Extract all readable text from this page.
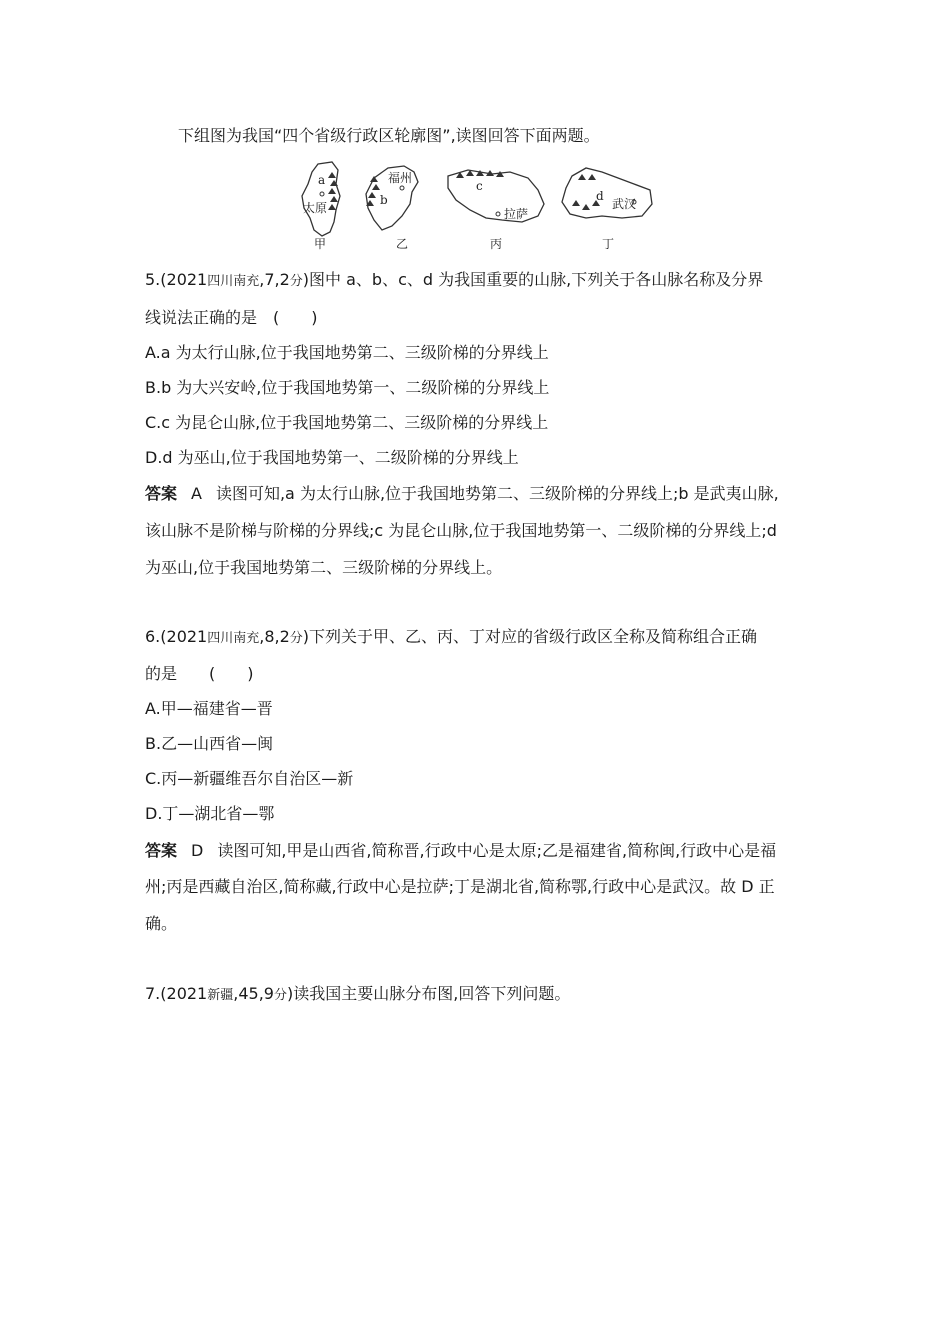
下组图为我国“四个省级行政区轮廓图”,读图回答下面两题。
a
太原
甲
福州
b
乙
c
拉萨
丙
d
武汉
丁
5.(2021四川南充,7,2分)图中 a、b、c、d 为我国重要的山脉,下列关于各山脉名称及分界
线说法正确的是　(　　)
A.a 为太行山脉,位于我国地势第二、三级阶梯的分界线上
B.b 为大兴安岭,位于我国地势第一、二级阶梯的分界线上
C.c 为昆仑山脉,位于我国地势第二、三级阶梯的分界线上
D.d 为巫山,位于我国地势第一、二级阶梯的分界线上
答案 A 读图可知,a 为太行山脉,位于我国地势第二、三级阶梯的分界线上;b 是武夷山脉,
该山脉不是阶梯与阶梯的分界线;c 为昆仑山脉,位于我国地势第一、二级阶梯的分界线上;d
为巫山,位于我国地势第二、三级阶梯的分界线上。
6.(2021四川南充,8,2分)下列关于甲、乙、丙、丁对应的省级行政区全称及简称组合正确
的是　　(　　)
A.甲—福建省—晋
B.乙—山西省—闽
C.丙—新疆维吾尔自治区—新
D.丁—湖北省—鄂
答案 D 读图可知,甲是山西省,简称晋,行政中心是太原;乙是福建省,简称闽,行政中心是福
州;丙是西藏自治区,简称藏,行政中心是拉萨;丁是湖北省,简称鄂,行政中心是武汉。故 D 正
确。
7.(2021新疆,45,9分)读我国主要山脉分布图,回答下列问题。
